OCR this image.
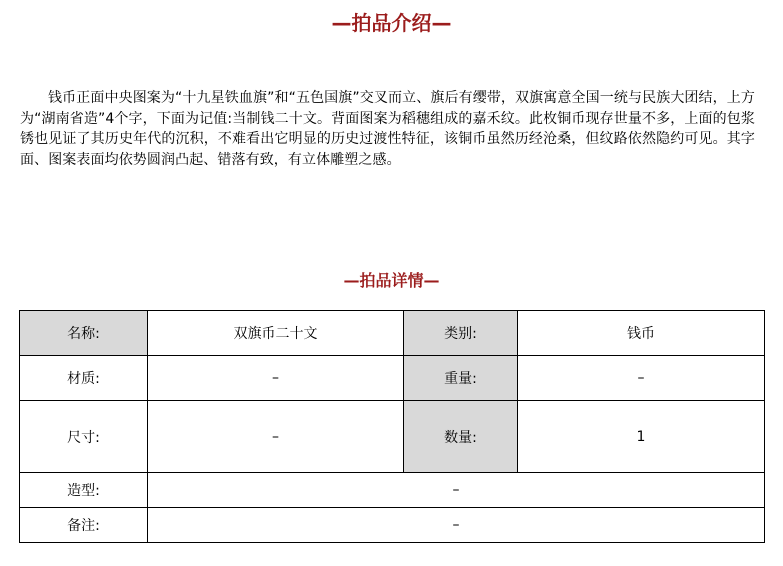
—拍品介绍—

钱币正面中央图案为“十九星铁血旗”和“五色国旗”交叉而立、旗后有缨带，双旗寓意全国一统与民族大团结，上方为“湖南省造”4个字，下面为记值:当制钱二十文。背面图案为稻穗组成的嘉禾纹。此枚铜币现存世量不多，上面的包浆锈也见证了其历史年代的沉积，不难看出它明显的历史过渡性特征，该铜币虽然历经沧桑，但纹路依然隐约可见。其字面、图案表面均依势圆润凸起、错落有致，有立体雕塑之感。

—拍品详情—
名称:	双旗币二十文	类别:	钱币
材质:	–	重量:	–
尺寸:	–	数量:	1
造型:	–		
备注:	–		
